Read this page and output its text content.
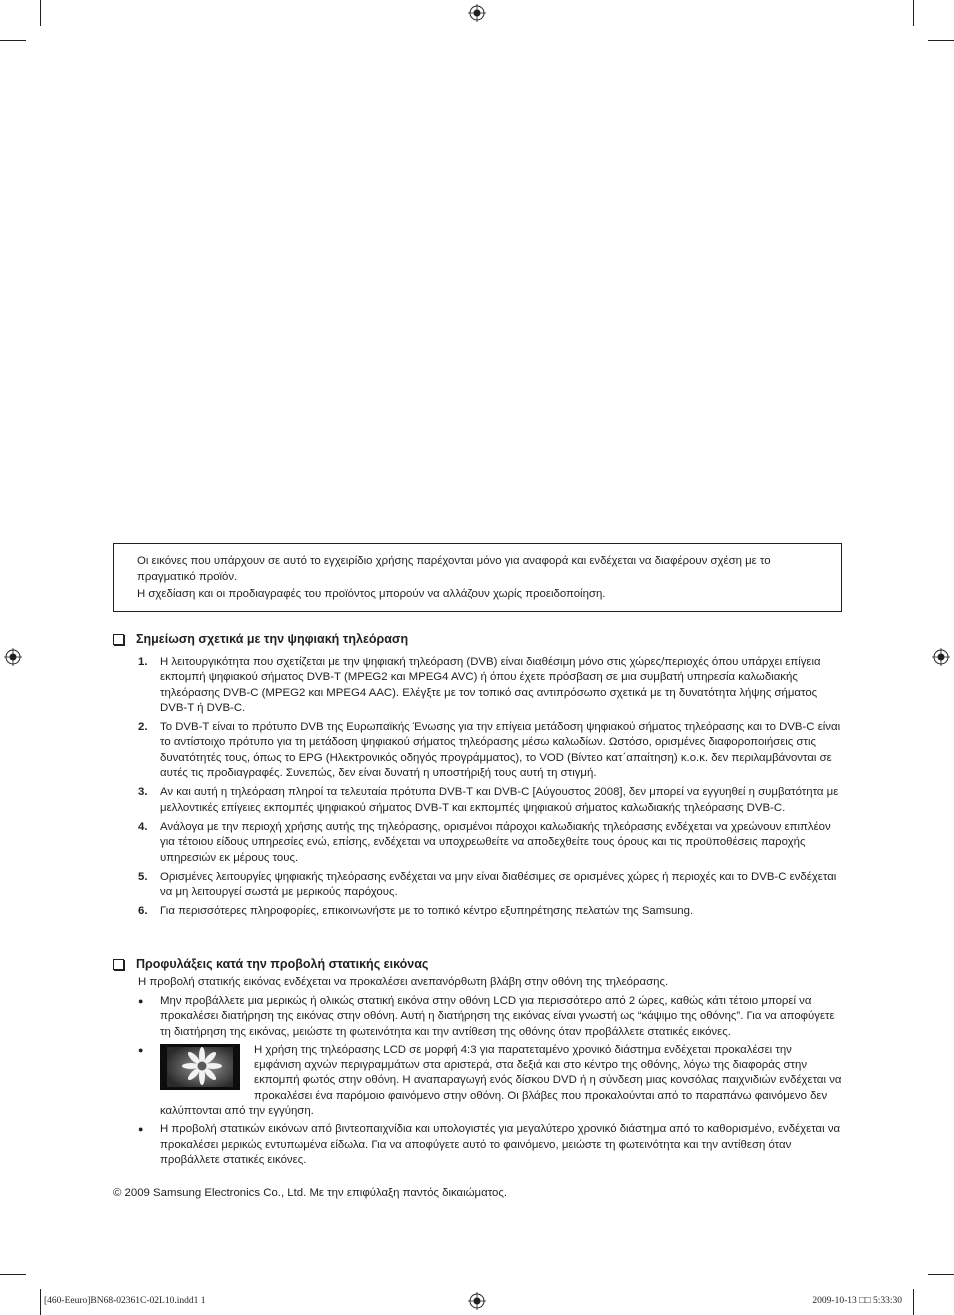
Οι εικόνες που υπάρχουν σε αυτό το εγχειρίδιο χρήσης παρέχονται μόνο για αναφορά και ενδέχεται να διαφέρουν σχέση με το πραγματικό προϊόν.

Η σχεδίαση και οι προδιαγραφές του προϊόντος μπορούν να αλλάζουν χωρίς προειδοποίηση.

Σημείωση σχετικά με την ψηφιακή τηλεόραση
1.	Η λειτουργικότητα που σχετίζεται με την ψηφιακή τηλεόραση (DVB) είναι διαθέσιμη μόνο στις χώρες/περιοχές όπου υπάρχει επίγεια εκπομπή ψηφιακού σήματος DVB-T (MPEG2 και MPEG4 AVC) ή όπου έχετε πρόσβαση σε μια συμβατή υπηρεσία καλωδιακής τηλεόρασης DVB-C (MPEG2 και MPEG4 AAC). Ελέγξτε με τον τοπικό σας αντιπρόσωπο σχετικά με τη δυνατότητα λήψης σήματος DVB-T ή DVB-C.
2.	Το DVB-T είναι το πρότυπο DVB της Ευρωπαϊκής Ένωσης για την επίγεια μετάδοση ψηφιακού σήματος τηλεόρασης και το DVB-C είναι το αντίστοιχο πρότυπο για τη μετάδοση ψηφιακού σήματος τηλεόρασης μέσω καλωδίων. Ωστόσο, ορισμένες διαφοροποιήσεις στις δυνατότητές τους, όπως το EPG (Ηλεκτρονικός οδηγός προγράμματος), το VOD (Βίντεο κατ΄απαίτηση) κ.ο.κ. δεν περιλαμβάνονται σε αυτές τις προδιαγραφές. Συνεπώς, δεν είναι δυνατή η υποστήριξή τους αυτή τη στιγμή.
3.	Αν και αυτή η τηλεόραση πληροί τα τελευταία πρότυπα DVB-T και DVB-C [Αύγουστος 2008], δεν μπορεί να εγγυηθεί η συμβατότητα με μελλοντικές επίγειες εκπομπές ψηφιακού σήματος DVB-T και εκπομπές ψηφιακού σήματος καλωδιακής τηλεόρασης DVB-C.
4.	Ανάλογα με την περιοχή χρήσης αυτής της τηλεόρασης, ορισμένοι πάροχοι καλωδιακής τηλεόρασης ενδέχεται να χρεώνουν επιπλέον για τέτοιου είδους υπηρεσίες ενώ, επίσης, ενδέχεται να υποχρεωθείτε να αποδεχθείτε τους όρους και τις προϋποθέσεις παροχής υπηρεσιών εκ μέρους τους.
5.	Ορισμένες λειτουργίες ψηφιακής τηλεόρασης ενδέχεται να μην είναι διαθέσιμες σε ορισμένες χώρες ή περιοχές και το DVB-C ενδέχεται να μη λειτουργεί σωστά με μερικούς παρόχους.
6.	Για περισσότερες πληροφορίες, επικοινωνήστε με το τοπικό κέντρο εξυπηρέτησης πελατών της Samsung.
Προφυλάξεις κατά την προβολή στατικής εικόνας
Η προβολή στατικής εικόνας ενδέχεται να προκαλέσει ανεπανόρθωτη βλάβη στην οθόνη της τηλεόρασης.
●	Μην προβάλλετε μια μερικώς ή ολικώς στατική εικόνα στην οθόνη LCD για περισσότερο από 2 ώρες, καθώς κάτι τέτοιο μπορεί να προκαλέσει διατήρηση της εικόνας στην οθόνη. Αυτή η διατήρηση της εικόνας είναι γνωστή ως “κάψιμο της οθόνης”. Για να αποφύγετε τη διατήρηση της εικόνας, μειώστε τη φωτεινότητα και την αντίθεση της οθόνης όταν προβάλλετε στατικές εικόνες.
●	Η χρήση της τηλεόρασης LCD σε μορφή 4:3 για παρατεταμένο χρονικό διάστημα ενδέχεται προκαλέσει την εμφάνιση αχνών περιγραμμάτων στα αριστερά, στα δεξιά και στο κέντρο της οθόνης, λόγω της διαφοράς στην εκπομπή φωτός στην οθόνη. Η αναπαραγωγή ενός δίσκου DVD ή η σύνδεση μιας κονσόλας παιχνιδιών ενδέχεται να προκαλέσει ένα παρόμοιο φαινόμενο στην οθόνη. Οι βλάβες που προκαλούνται από το παραπάνω φαινόμενο δεν καλύπτονται από την εγγύηση.
●	Η προβολή στατικών εικόνων από βιντεοπαιχνίδια και υπολογιστές για μεγαλύτερο χρονικό διάστημα από το καθορισμένο, ενδέχεται να προκαλέσει μερικώς εντυπωμένα είδωλα. Για να αποφύγετε αυτό το φαινόμενο, μειώστε τη φωτεινότητα και την αντίθεση όταν προβάλλετε στατικές εικόνες.
© 2009 Samsung Electronics Co., Ltd. Με την επιφύλαξη παντός δικαιώματος.
[460-Eeuro]BN68-02361C-02L10.indd1 1	2009-10-13 □□ 5:33:30
